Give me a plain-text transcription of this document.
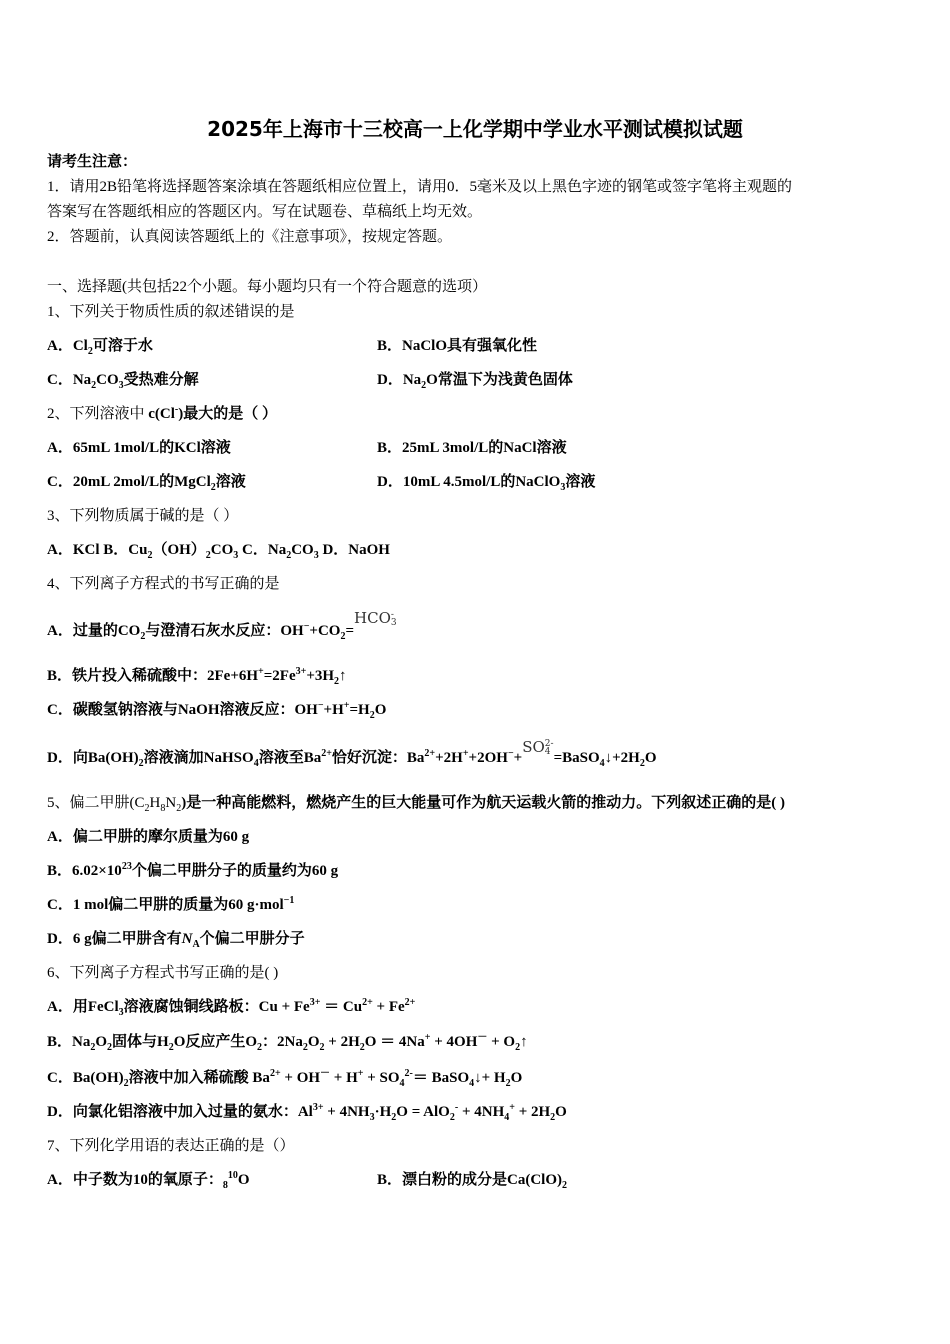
2025年上海市十三校高一上化学期中学业水平测试模拟试题
请考生注意：
1．请用2B铅笔将选择题答案涂填在答题纸相应位置上，请用0．5毫米及以上黑色字迹的钢笔或签字笔将主观题的
答案写在答题纸相应的答题区内。写在试题卷、草稿纸上均无效。
2．答题前，认真阅读答题纸上的《注意事项》，按规定答题。
一、选择题(共包括22个小题。每小题均只有一个符合题意的选项）
1、下列关于物质性质的叙述错误的是
A．$Cl_2$可溶于水	B．NaClO具有强氧化性
C．$Na_2CO_3$受热难分解	D．$Na_2O$常温下为浅黄色固体
2、下列溶液中 c(Cl-)最大的是（ ）
A．65mL 1mol/L的KCl溶液	B．25mL 3mol/L的NaCl溶液
C．20mL 2mol/L的MgCl$_2$溶液	D．10mL 4.5mol/L的NaClO$_3$溶液
3、下列物质属于碱的是（ ）
A．KCl B．$Cu_2(OH)_2CO_3$ C．$Na_2CO_3$ D．NaOH
4、下列离子方程式的书写正确的是
A．过量的$CO_2$与澄清石灰水反应：$OH^-+CO_2=HCO$ -
3
B．铁片投入稀硫酸中：$2Fe+6H^+=2Fe^{3+}+3H_2↑$
C．碳酸氢钠溶液与NaOH溶液反应：$OH^-+H^+=H_2O$
D．向$Ba(OH)_2$溶液滴加NaHSO$_4$溶液至$Ba^{2+}$恰好沉淀：$Ba^{2+}+2H^++2OH^-+SO$ 2-
$4 =BaSO_4↓+2H_2O$
5、偏二甲肼$(C_2H_8N_2)$是一种高能燃料，燃烧产生的巨大能量可作为航天运载火箭的推动力。下列叙述正确的是( )
A．偏二甲肼的摩尔质量为60 g
B．$6.02\times 10^{23}$个偏二甲肼分子的质量约为60 g
C．1 mol偏二甲肼的质量为60 g·mol$^{-1}$
D．6 g偏二甲肼含有$N_A$个偏二甲肼分子
6、下列离子方程式书写正确的是( )
A．用FeCl$_3$溶液腐蚀铜线路板：$Cu + Fe^{3+} = Cu^{2+} + Fe^{2+}$
B．$Na_2O_2$固体与$H_2O$反应产生$O_2$：$2Na_2O_2 + 2H_2O = 4Na^+ + 4OH^-$ + $O_2↑$
C．$Ba(OH)_2$溶液中加入稀硫酸 $Ba^{2+} + OH^- + H^+ + SO_4^{2-}=$ BaSO$_4$↓+ $H_2O$
D．向氯化铝溶液中加入过量的氨水：$Al^{3+} + 4NH_3\cdot H_2O = AlO_2^- + 4NH_4^+ + 2H_2O$
7、下列化学用语的表达正确的是（）
A．中子数为10的氧原子：$_8^{10}$O	B．漂白粉的成分是$Ca(ClO)_2$
